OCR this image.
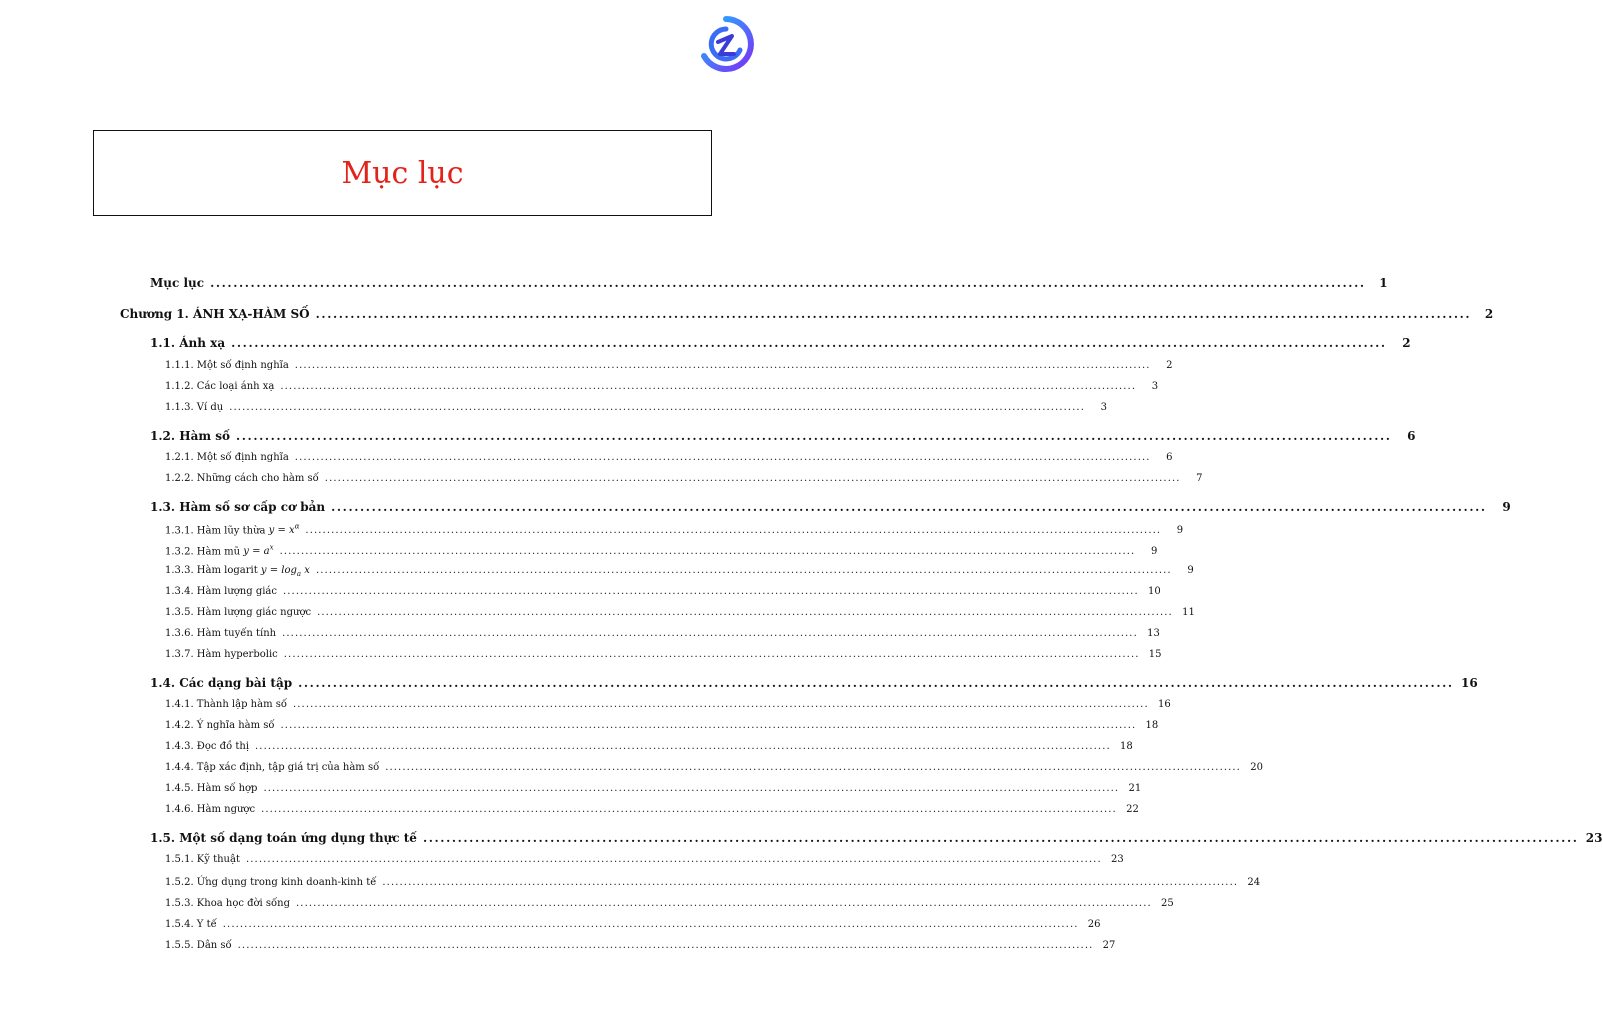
Mục lục
Mục lục ........................................................................................................................................................................................................	1
Chương 1. ÁNH XẠ-HÀM SỐ ........................................................................................................................................................................................................	2
1.1. Ánh xạ ........................................................................................................................................................................................................	2
1.1.1. Một số định nghĩa ........................................................................................................................................................................................................	2
1.1.2. Các loại ánh xạ ........................................................................................................................................................................................................	3
1.1.3. Ví dụ ........................................................................................................................................................................................................	3
1.2. Hàm số ........................................................................................................................................................................................................	6
1.2.1. Một số định nghĩa ........................................................................................................................................................................................................	6
1.2.2. Những cách cho hàm số ........................................................................................................................................................................................................	7
1.3. Hàm số sơ cấp cơ bản ........................................................................................................................................................................................................	9
1.3.1. Hàm lũy thừa $y = x^\alpha$ ........................................................................................................................................................................................................	9
1.3.2. Hàm mũ $y = a^x$ ........................................................................................................................................................................................................	9
1.3.3. Hàm logarit $y = \log_a x$ ........................................................................................................................................................................................................	9
1.3.4. Hàm lượng giác ........................................................................................................................................................................................................ 10
1.3.5. Hàm lượng giác ngược ........................................................................................................................................................................................................ 11
1.3.6. Hàm tuyến tính ........................................................................................................................................................................................................ 13
1.3.7. Hàm hyperbolic ........................................................................................................................................................................................................ 15
1.4. Các dạng bài tập ........................................................................................................................................................................................................ 16
1.4.1. Thành lập hàm số ........................................................................................................................................................................................................ 16
1.4.2. Ý nghĩa hàm số ........................................................................................................................................................................................................ 18
1.4.3. Đọc đồ thị ........................................................................................................................................................................................................ 18
1.4.4. Tập xác định, tập giá trị của hàm số ........................................................................................................................................................................................................ 20
1.4.5. Hàm số hợp ........................................................................................................................................................................................................ 21
1.4.6. Hàm ngược ........................................................................................................................................................................................................ 22
1.5. Một số dạng toán ứng dụng thực tế ........................................................................................................................................................................................................ 23
1.5.1. Kỹ thuật ........................................................................................................................................................................................................ 23
1.5.2. Ứng dụng trong kinh doanh-kinh tế ........................................................................................................................................................................................................ 24
1.5.3. Khoa học đời sống ........................................................................................................................................................................................................ 25
1.5.4. Y tế ........................................................................................................................................................................................................ 26
1.5.5. Dân số ........................................................................................................................................................................................................ 27
